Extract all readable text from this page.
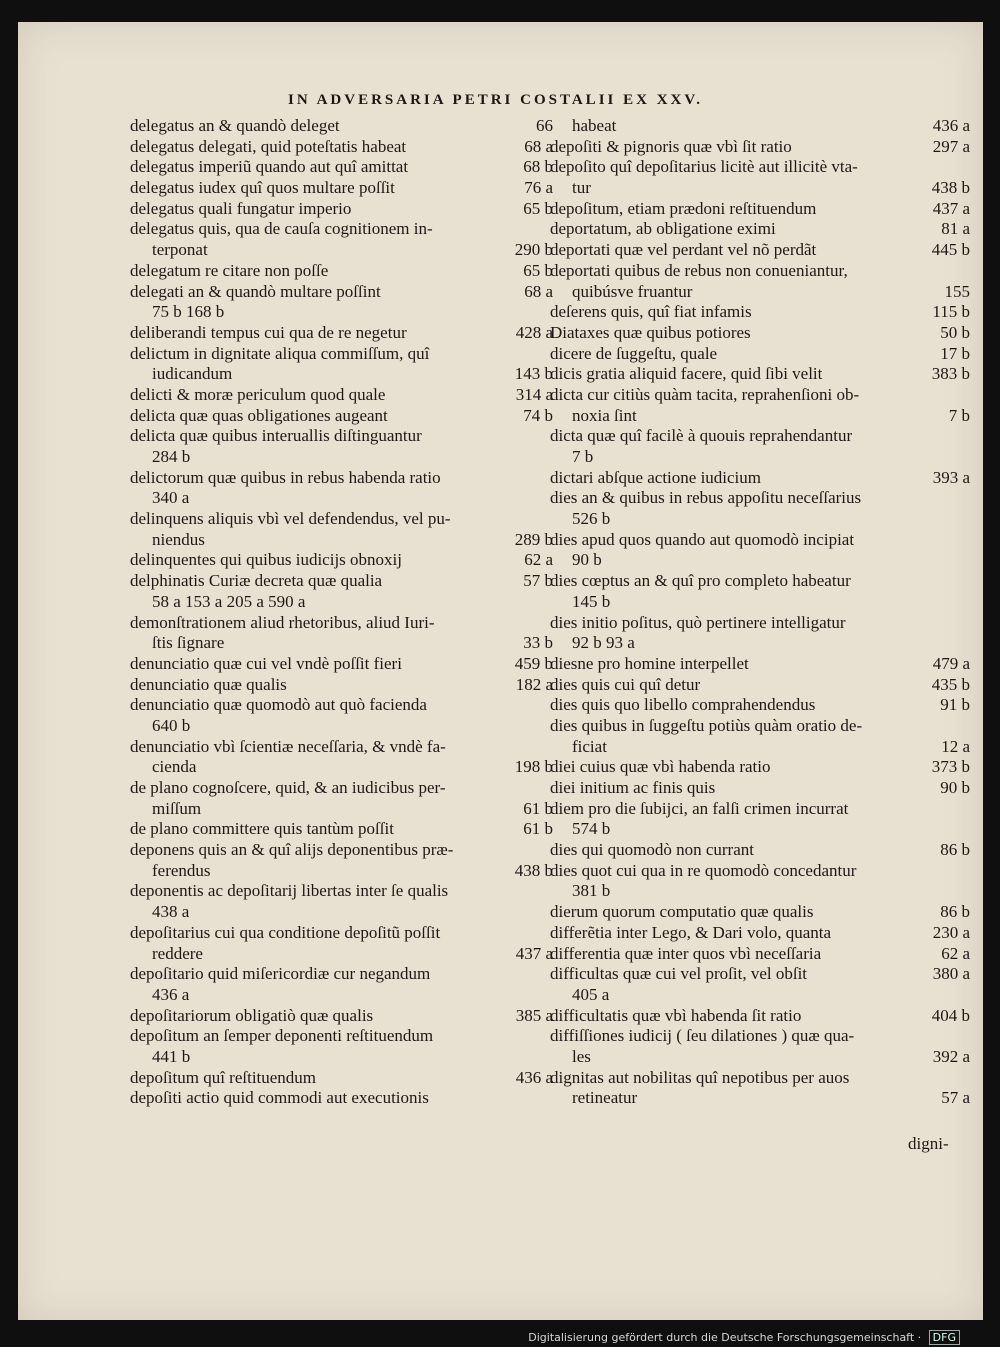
IN ADVERSARIA PETRI COSTALII EX XXV.
delegatus an & quandò deleget	66
delegatus delegati, quid poteſtatis habeat	68 a
delegatus imperiũ quando aut quî amittat	68 b
delegatus iudex quî quos multare poſſit	76 a
delegatus quali fungatur imperio	65 b
delegatus quis, qua de cauſa cognitionem in-
terponat	290 b
delegatum re citare non poſſe	65 b
delegati an & quandò multare poſſint	68 a
75 b 168 b
deliberandi tempus cui qua de re negetur	428 a
delictum in dignitate aliqua commiſſum, quî
iudicandum	143 b
delicti & moræ periculum quod quale	314 a
delicta quæ quas obligationes augeant	74 b
delicta quæ quibus interuallis diſtinguantur
284 b
delictorum quæ quibus in rebus habenda ratio
340 a
delinquens aliquis vbì vel defendendus, vel pu-
niendus	289 b
delinquentes qui quibus iudicijs obnoxij	62 a
delphinatis Curiæ decreta quæ qualia	57 b
58 a 153 a 205 a 590 a
demonſtrationem aliud rhetoribus, aliud Iuri-
ſtis ſignare	33 b
denunciatio quæ cui vel vndè poſſit fieri	459 b
denunciatio quæ qualis	182 a
denunciatio quæ quomodò aut quò facienda
640 b
denunciatio vbì ſcientiæ neceſſaria, & vndè fa-
cienda	198 b
de plano cognoſcere, quid, & an iudicibus per-
miſſum	61 b
de plano committere quis tantùm poſſit	61 b
deponens quis an & quî alijs deponentibus præ-
ferendus	438 b
deponentis ac depoſitarij libertas inter ſe qualis
438 a
depoſitarius cui qua conditione depoſitũ poſſit
reddere	437 a
depoſitario quid miſericordiæ cur negandum
436 a
depoſitariorum obligatiò quæ qualis	385 a
depoſitum an ſemper deponenti reſtituendum
441 b
depoſitum quî reſtituendum	436 a
depoſiti actio quid commodi aut executionis
habeat	436 a
depoſiti & pignoris quæ vbì ſit ratio	297 a
depoſito quî depoſitarius licitè aut illicitè vta-
tur	438 b
depoſitum, etiam prædoni reſtituendum	437 a
deportatum, ab obligatione eximi	81 a
deportati quæ vel perdant vel nõ perdãt	445 b
deportati quibus de rebus non conueniantur,
quibúsve fruantur	155
deſerens quis, quî fiat infamis	115 b
Diataxes quæ quibus potiores	50 b
dicere de ſuggeſtu, quale	17 b
dicis gratia aliquid facere, quid ſibi velit	383 b
dicta cur citiùs quàm tacita, reprahenſioni ob-
noxia ſint	7 b
dicta quæ quî facilè à quouis reprahendantur
7 b
dictari abſque actione iudicium	393 a
dies an & quibus in rebus appoſitu neceſſarius
526 b
dies apud quos quando aut quomodò incipiat
90 b
dies cœptus an & quî pro completo habeatur
145 b
dies initio poſitus, quò pertinere intelligatur
92 b 93 a
diesne pro homine interpellet	479 a
dies quis cui quî detur	435 b
dies quis quo libello comprahendendus	91 b
dies quibus in ſuggeſtu potiùs quàm oratio de-
ficiat	12 a
diei cuius quæ vbì habenda ratio	373 b
diei initium ac finis quis	90 b
diem pro die ſubijci, an falſi crimen incurrat
574 b
dies qui quomodò non currant	86 b
dies quot cui qua in re quomodò concedantur
381 b
dierum quorum computatio quæ qualis	86 b
differẽtia inter Lego, & Dari volo, quanta	230 a
differentia quæ inter quos vbì neceſſaria	62 a
difficultas quæ cui vel proſit, vel obſit	380 a
405 a
difficultatis quæ vbì habenda ſit ratio	404 b
diffiſſiones iudicij ( ſeu dilationes ) quæ qua-
les	392 a
dignitas aut nobilitas quî nepotibus per auos
retineatur	57 a
digni-
Digitalisierung gefördert durch die Deutsche Forschungsgemeinschaft · DFG
